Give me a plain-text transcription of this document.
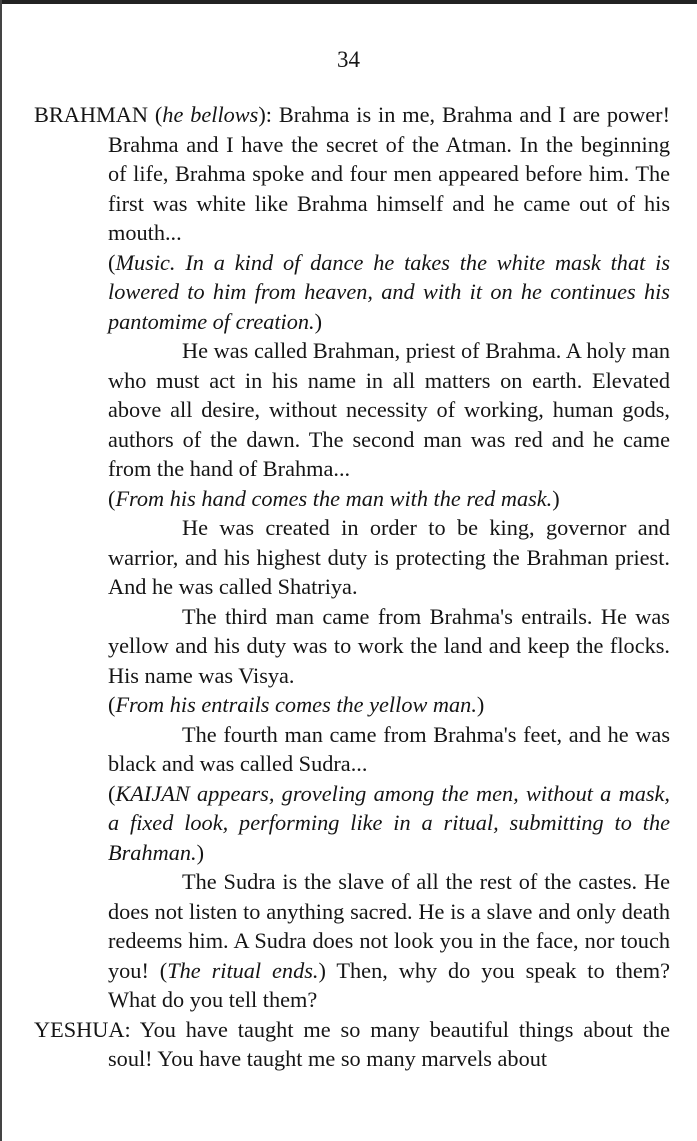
34

BRAHMAN (he bellows): Brahma is in me, Brahma and I are power! Brahma and I have the secret of the Atman. In the beginning of life, Brahma spoke and four men appeared before him. The first was white like Brahma himself and he came out of his mouth...

(Music. In a kind of dance he takes the white mask that is lowered to him from heaven, and with it on he continues his pantomime of creation.)

He was called Brahman, priest of Brahma. A holy man who must act in his name in all matters on earth. Elevated above all desire, without necessity of working, human gods, authors of the dawn. The second man was red and he came from the hand of Brahma...

(From his hand comes the man with the red mask.)

He was created in order to be king, governor and warrior, and his highest duty is protecting the Brahman priest. And he was called Shatriya.

The third man came from Brahma's entrails. He was yellow and his duty was to work the land and keep the flocks. His name was Visya.

(From his entrails comes the yellow man.)

The fourth man came from Brahma's feet, and he was black and was called Sudra...

(KAIJAN appears, groveling among the men, without a mask, a fixed look, performing like in a ritual, submitting to the Brahman.)

The Sudra is the slave of all the rest of the castes. He does not listen to anything sacred. He is a slave and only death redeems him. A Sudra does not look you in the face, nor touch you! (The ritual ends.) Then, why do you speak to them? What do you tell them?

YESHUA: You have taught me so many beautiful things about the soul! You have taught me so many marvels about
